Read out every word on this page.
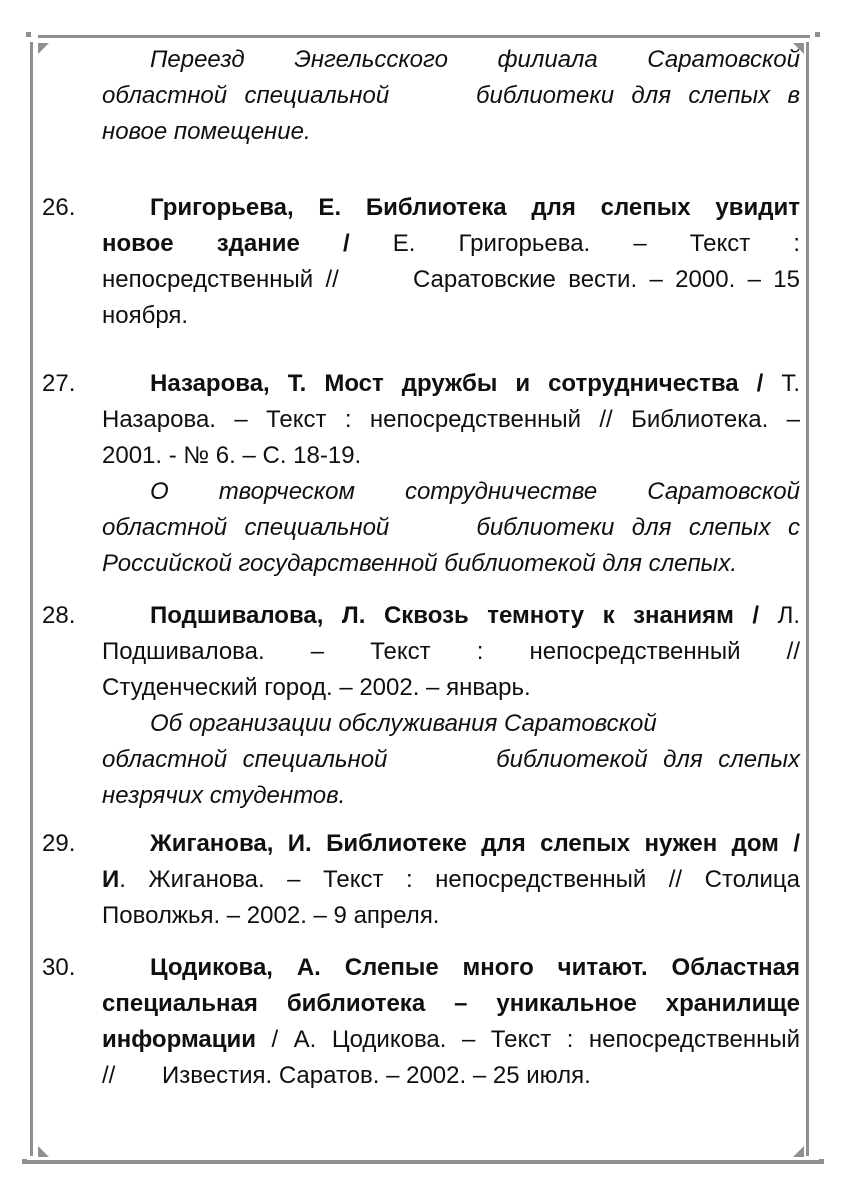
Переезд Энгельсского филиала Саратовской
областной специальной     библиотеки для слепых в
новое помещение.
26.	Григорьева, Е. Библиотека для слепых увидит
новое здание / Е. Григорьева. – Текст :
непосредственный //      Саратовские вести. – 2000. – 15
ноября.
27.	Назарова, Т. Мост дружбы и сотрудничества / Т.
Назарова. – Текст : непосредственный // Библиотека. –
2001. - № 6. – С. 18-19.
О творческом сотрудничестве Саратовской
областной специальной     библиотеки для слепых с
Российской государственной библиотекой для слепых.
28.	Подшивалова, Л. Сквозь темноту к знаниям / Л.
Подшивалова. – Текст : непосредственный //
Студенческий город. – 2002. – январь.
Об организации обслуживания Саратовской
областной специальной       библиотекой для слепых
незрячих студентов.
29.	Жиганова, И. Библиотеке для слепых нужен дом /
И. Жиганова. – Текст : непосредственный // Столица
Поволжья. – 2002. – 9 апреля.
30.	Цодикова, А. Слепые много читают. Областная
специальная библиотека – уникальное хранилище
информации / А. Цодикова. – Текст : непосредственный
//       Известия. Саратов. – 2002. – 25 июля.
